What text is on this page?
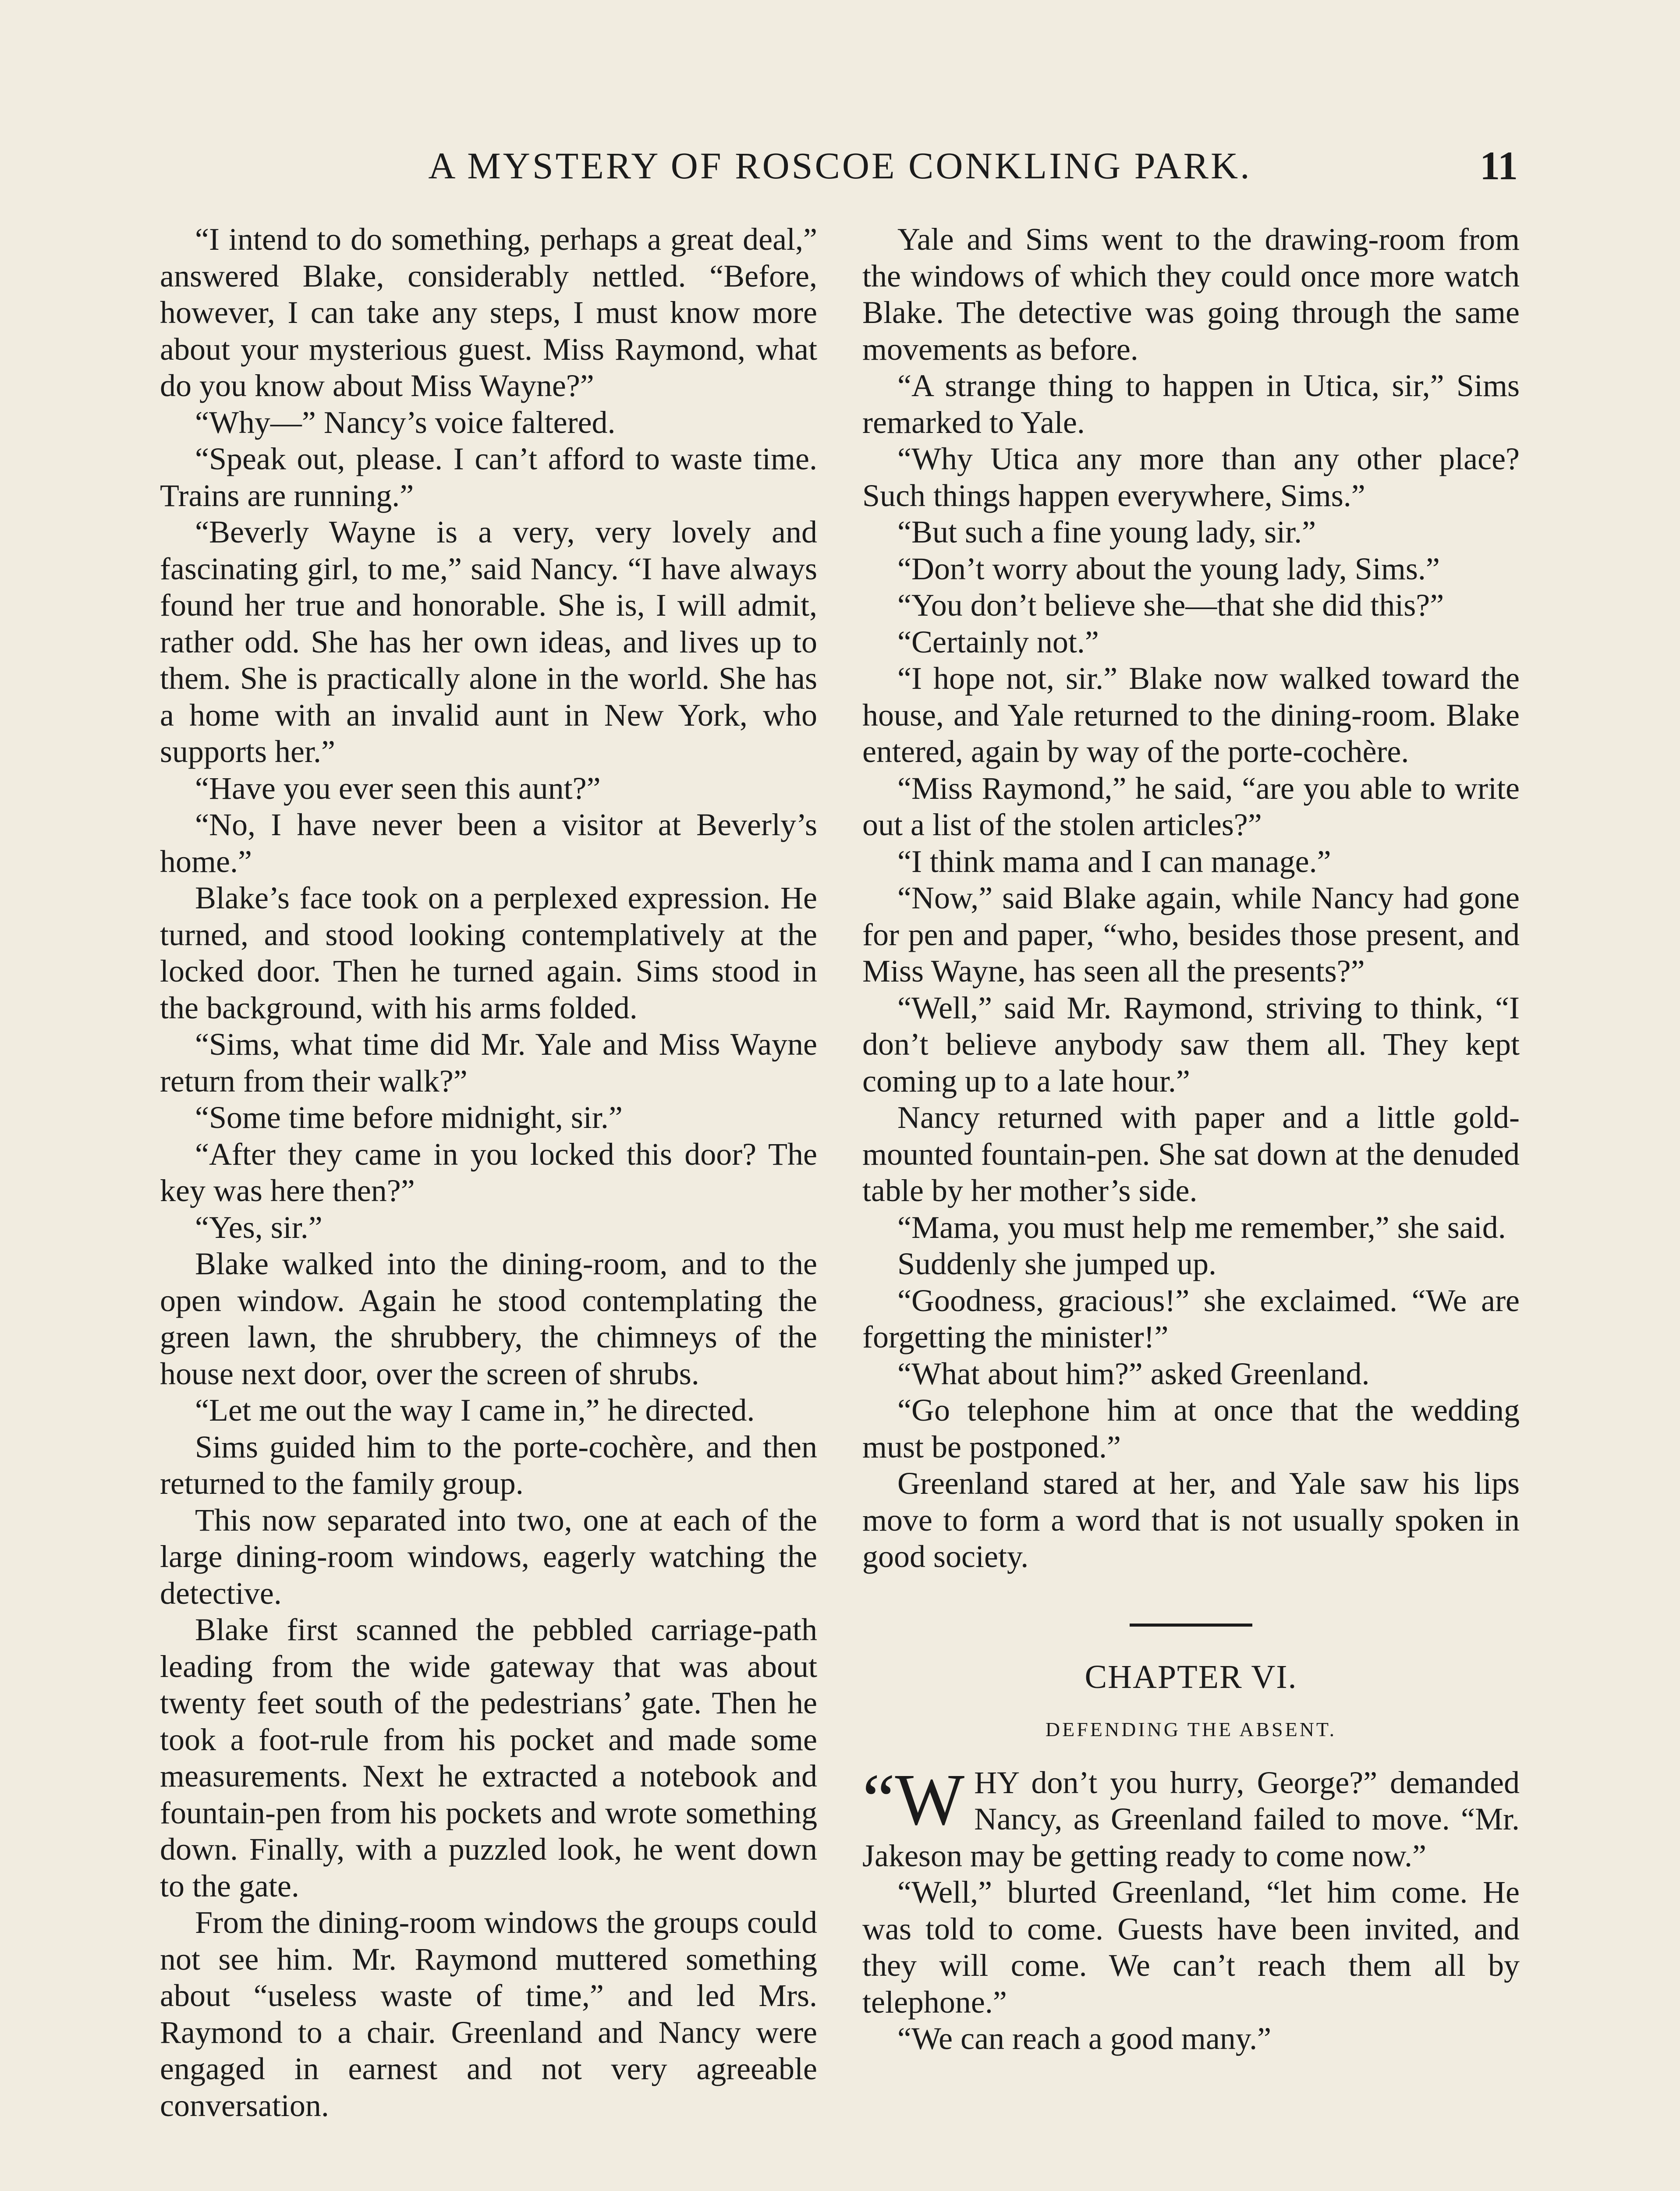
A MYSTERY OF ROSCOE CONKLING PARK.	11

“I intend to do something, perhaps a great deal,” answered Blake, considerably nettled. “Before, however, I can take any steps, I must know more about your mysterious guest. Miss Raymond, what do you know about Miss Wayne?”

“Why—” Nancy’s voice faltered.

“Speak out, please. I can’t afford to waste time. Trains are running.”

“Beverly Wayne is a very, very lovely and fascinating girl, to me,” said Nancy. “I have always found her true and honorable. She is, I will admit, rather odd. She has her own ideas, and lives up to them. She is practically alone in the world. She has a home with an invalid aunt in New York, who supports her.”

“Have you ever seen this aunt?”

“No, I have never been a visitor at Beverly’s home.”

Blake’s face took on a perplexed expression. He turned, and stood looking contemplatively at the locked door. Then he turned again. Sims stood in the background, with his arms folded.

“Sims, what time did Mr. Yale and Miss Wayne return from their walk?”

“Some time before midnight, sir.”

“After they came in you locked this door? The key was here then?”

“Yes, sir.”

Blake walked into the dining-room, and to the open window. Again he stood contemplating the green lawn, the shrubbery, the chimneys of the house next door, over the screen of shrubs.

“Let me out the way I came in,” he directed.

Sims guided him to the porte-cochère, and then returned to the family group.

This now separated into two, one at each of the large dining-room windows, eagerly watching the detective.

Blake first scanned the pebbled carriage-path leading from the wide gateway that was about twenty feet south of the pedestrians’ gate. Then he took a foot-rule from his pocket and made some measurements. Next he extracted a notebook and fountain-pen from his pockets and wrote something down. Finally, with a puzzled look, he went down to the gate.

From the dining-room windows the groups could not see him. Mr. Raymond muttered something about “useless waste of time,” and led Mrs. Raymond to a chair. Greenland and Nancy were engaged in earnest and not very agreeable conversation.

Yale and Sims went to the drawing-room from the windows of which they could once more watch Blake. The detective was going through the same movements as before.

“A strange thing to happen in Utica, sir,” Sims remarked to Yale.

“Why Utica any more than any other place? Such things happen everywhere, Sims.”

“But such a fine young lady, sir.”

“Don’t worry about the young lady, Sims.”

“You don’t believe she—that she did this?”

“Certainly not.”

“I hope not, sir.” Blake now walked toward the house, and Yale returned to the dining-room. Blake entered, again by way of the porte-cochère.

“Miss Raymond,” he said, “are you able to write out a list of the stolen articles?”

“I think mama and I can manage.”

“Now,” said Blake again, while Nancy had gone for pen and paper, “who, besides those present, and Miss Wayne, has seen all the presents?”

“Well,” said Mr. Raymond, striving to think, “I don’t believe anybody saw them all. They kept coming up to a late hour.”

Nancy returned with paper and a little gold-mounted fountain-pen. She sat down at the denuded table by her mother’s side.

“Mama, you must help me remember,” she said.

Suddenly she jumped up.

“Goodness, gracious!” she exclaimed. “We are forgetting the minister!”

“What about him?” asked Greenland.

“Go telephone him at once that the wedding must be postponed.”

Greenland stared at her, and Yale saw his lips move to form a word that is not usually spoken in good society.

CHAPTER VI.
DEFENDING THE ABSENT.

“WHY don’t you hurry, George?” demanded Nancy, as Greenland failed to move. “Mr. Jakeson may be getting ready to come now.”

“Well,” blurted Greenland, “let him come. He was told to come. Guests have been invited, and they will come. We can’t reach them all by telephone.”

“We can reach a good many.”
